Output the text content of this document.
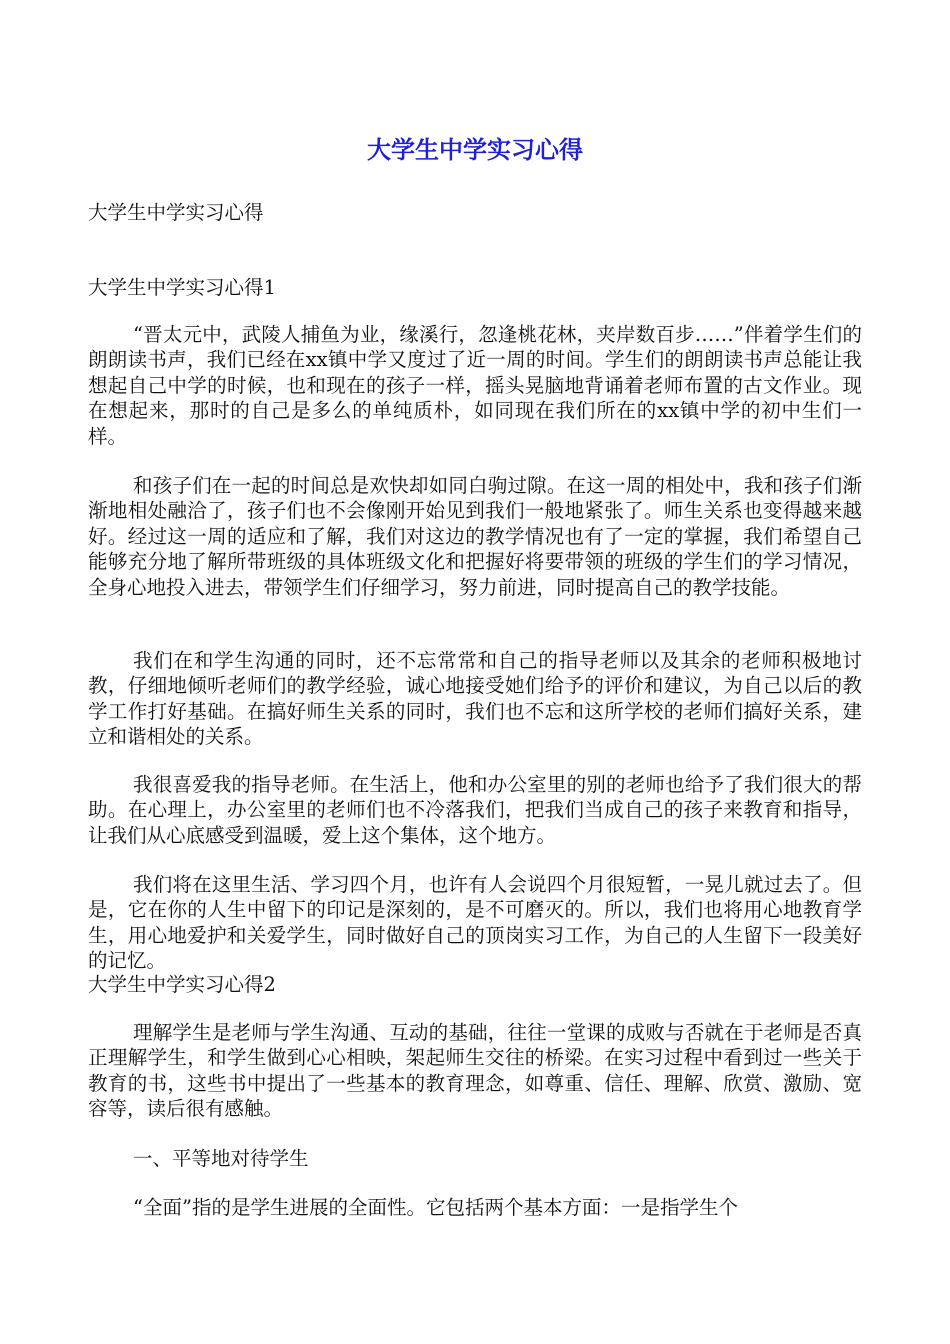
大学生中学实习心得
大学生中学实习心得
大学生中学实习心得1

“晋太元中，武陵人捕鱼为业，缘溪行，忽逢桃花林，夹岸数百步……”伴着学生们的朗朗读书声，我们已经在xx镇中学又度过了近一周的时间。学生们的朗朗读书声总能让我想起自己中学的时候，也和现在的孩子一样，摇头晃脑地背诵着老师布置的古文作业。现在想起来，那时的自己是多么的单纯质朴，如同现在我们所在的xx镇中学的初中生们一样。

和孩子们在一起的时间总是欢快却如同白驹过隙。在这一周的相处中，我和孩子们渐渐地相处融洽了，孩子们也不会像刚开始见到我们一般地紧张了。师生关系也变得越来越好。经过这一周的适应和了解，我们对这边的教学情况也有了一定的掌握，我们希望自己能够充分地了解所带班级的具体班级文化和把握好将要带领的班级的学生们的学习情况，全身心地投入进去，带领学生们仔细学习，努力前进，同时提高自己的教学技能。

我们在和学生沟通的同时，还不忘常常和自己的指导老师以及其余的老师积极地讨教，仔细地倾听老师们的教学经验，诚心地接受她们给予的评价和建议，为自己以后的教学工作打好基础。在搞好师生关系的同时，我们也不忘和这所学校的老师们搞好关系，建立和谐相处的关系。

我很喜爱我的指导老师。在生活上，他和办公室里的别的老师也给予了我们很大的帮助。在心理上，办公室里的老师们也不冷落我们，把我们当成自己的孩子来教育和指导，让我们从心底感受到温暖，爱上这个集体，这个地方。

我们将在这里生活、学习四个月，也许有人会说四个月很短暂，一晃儿就过去了。但是，它在你的人生中留下的印记是深刻的，是不可磨灭的。所以，我们也将用心地教育学生，用心地爱护和关爱学生，同时做好自己的顶岗实习工作，为自己的人生留下一段美好的记忆。

大学生中学实习心得2

理解学生是老师与学生沟通、互动的基础，往往一堂课的成败与否就在于老师是否真正理解学生，和学生做到心心相映，架起师生交往的桥梁。在实习过程中看到过一些关于教育的书，这些书中提出了一些基本的教育理念，如尊重、信任、理解、欣赏、激励、宽容等，读后很有感触。

一、平等地对待学生
“全面”指的是学生进展的全面性。它包括两个基本方面：一是指学生个
